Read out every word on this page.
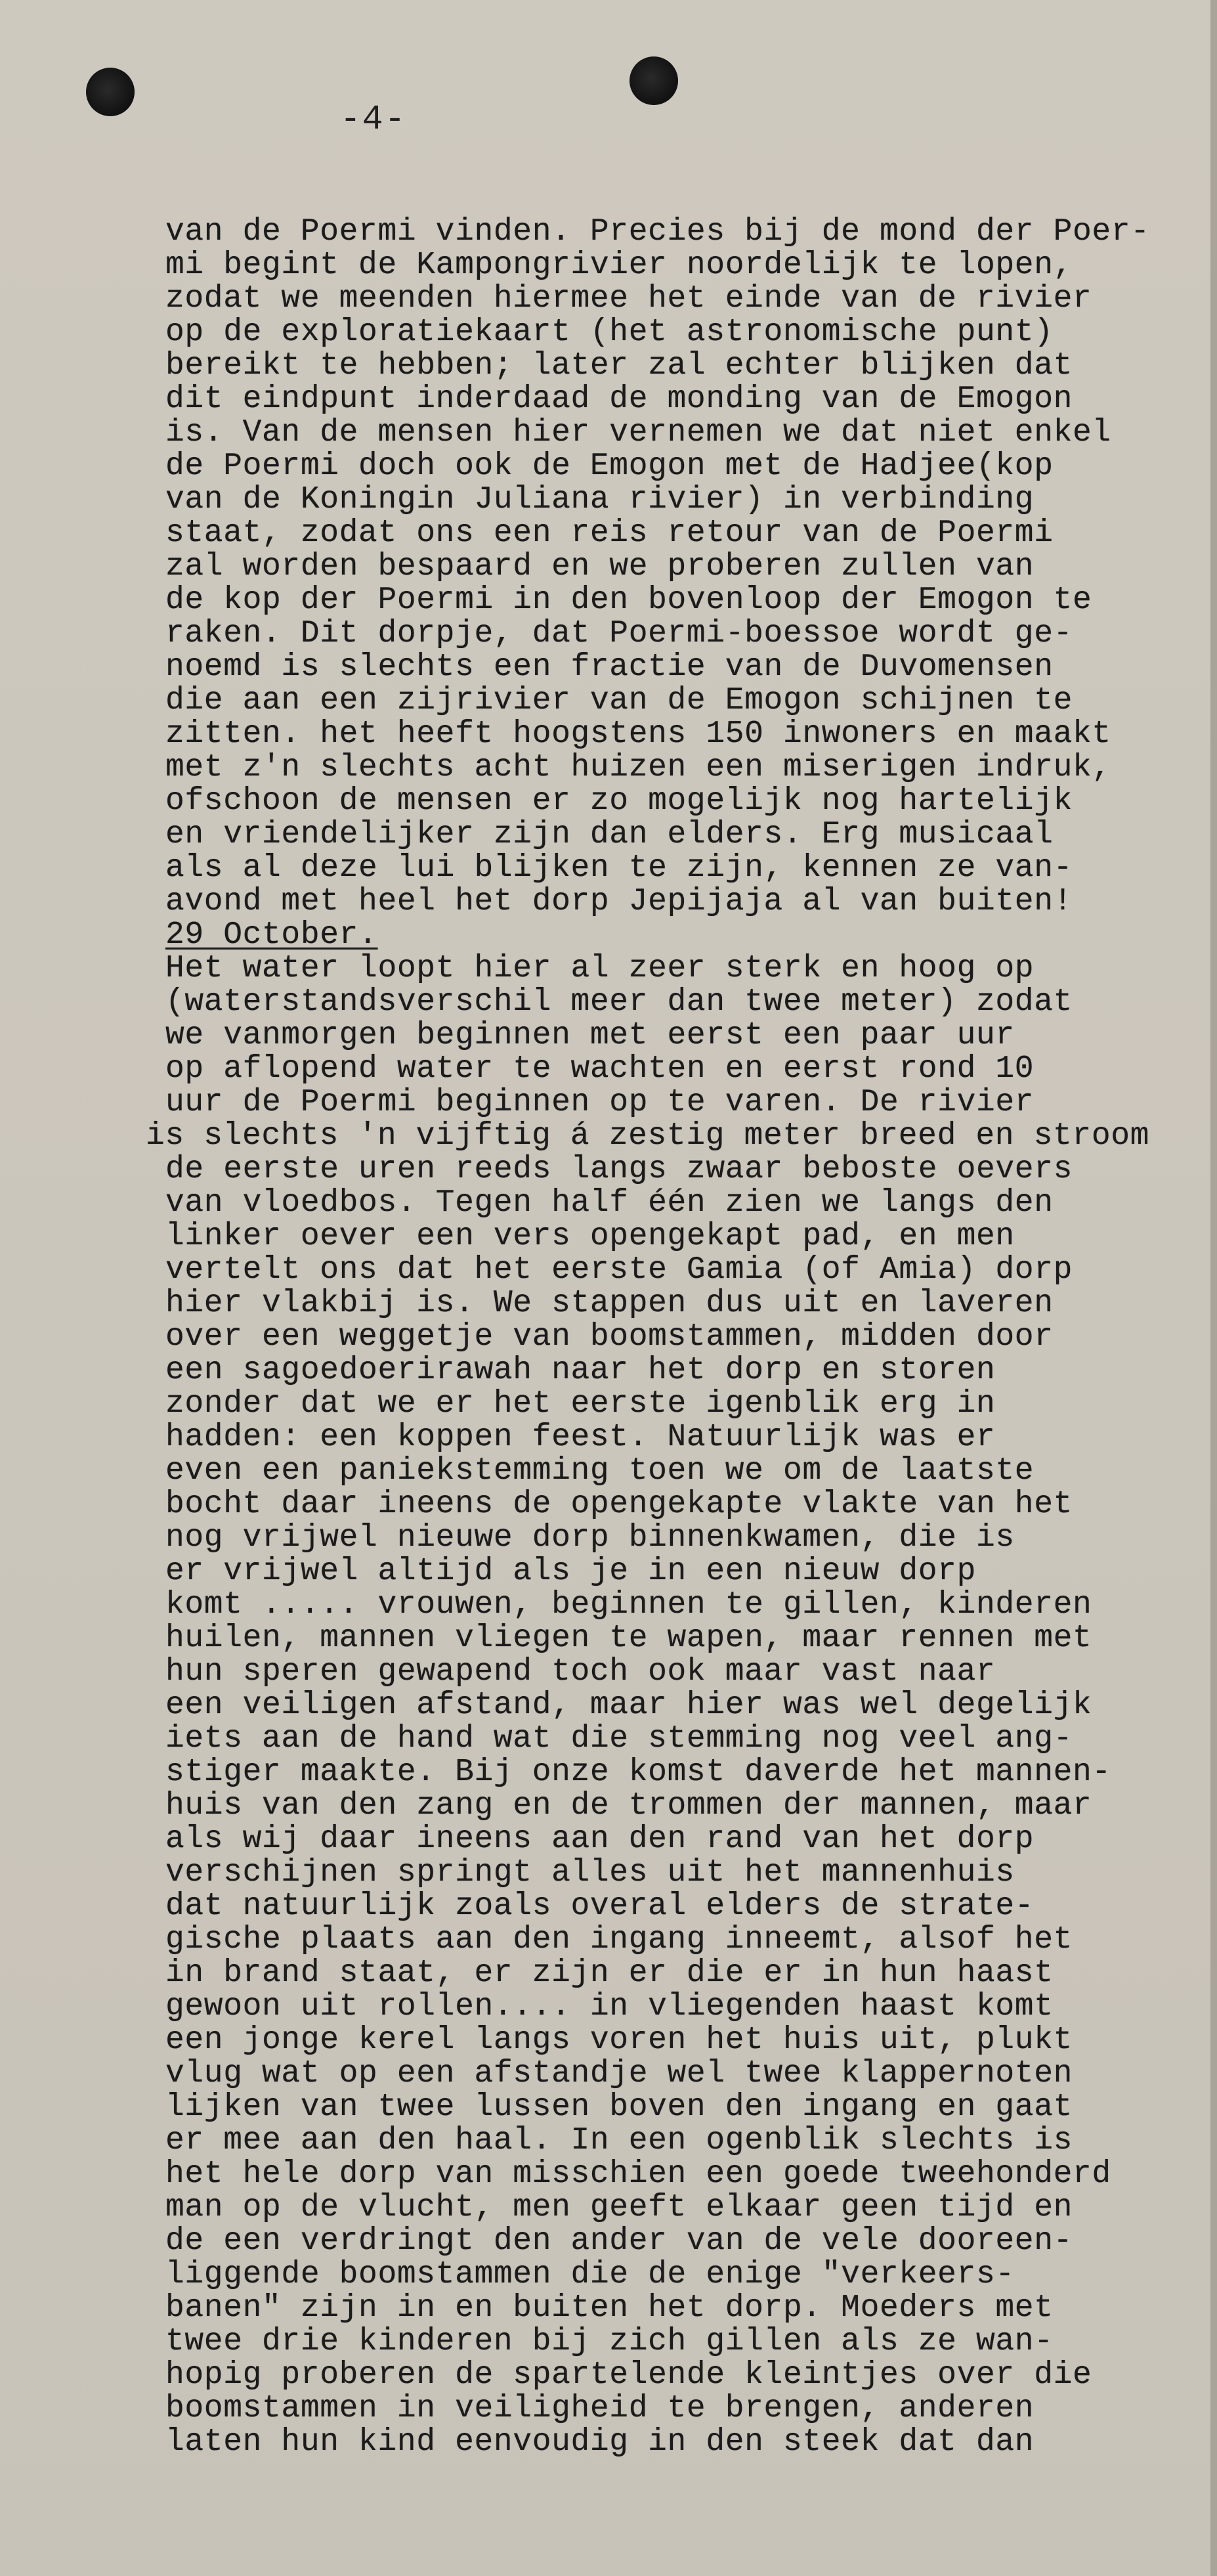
-4-
van de Poermi vinden. Precies bij de mond der Poer-
mi begint de Kampongrivier noordelijk te lopen,
zodat we meenden hiermee het einde van de rivier
op de exploratiekaart (het astronomische punt)
bereikt te hebben; later zal echter blijken dat
dit eindpunt inderdaad de monding van de Emogon
is. Van de mensen hier vernemen we dat niet enkel
de Poermi doch ook de Emogon met de Hadjee(kop
van de Koningin Juliana rivier) in verbinding
staat, zodat ons een reis retour van de Poermi
zal worden bespaard en we proberen zullen van
de kop der Poermi in den bovenloop der Emogon te
raken. Dit dorpje, dat Poermi-boessoe wordt ge-
noemd is slechts een fractie van de Duvomensen
die aan een zijrivier van de Emogon schijnen te
zitten. het heeft hoogstens 150 inwoners en maakt
met z'n slechts acht huizen een miserigen indruk,
ofschoon de mensen er zo mogelijk nog hartelijk
en vriendelijker zijn dan elders. Erg musicaal
als al deze lui blijken te zijn, kennen ze van-
avond met heel het dorp Jepijaja al van buiten!
29 October.
Het water loopt hier al zeer sterk en hoog op
(waterstandsverschil meer dan twee meter) zodat
we vanmorgen beginnen met eerst een paar uur
op aflopend water te wachten en eerst rond 10
uur de Poermi beginnen op te varen. De rivier
is slechts 'n vijftig á zestig meter breed en stroom
de eerste uren reeds langs zwaar beboste oevers
van vloedbos. Tegen half één zien we langs den
linker oever een vers opengekapt pad, en men
vertelt ons dat het eerste Gamia (of Amia) dorp
hier vlakbij is. We stappen dus uit en laveren
over een weggetje van boomstammen, midden door
een sagoedoerirawah naar het dorp en storen
zonder dat we er het eerste igenblik erg in
hadden: een koppen feest. Natuurlijk was er
even een paniekstemming toen we om de laatste
bocht daar ineens de opengekapte vlakte van het
nog vrijwel nieuwe dorp binnenkwamen, die is
er vrijwel altijd als je in een nieuw dorp
komt ..... vrouwen, beginnen te gillen, kinderen
huilen, mannen vliegen te wapen, maar rennen met
hun speren gewapend toch ook maar vast naar
een veiligen afstand, maar hier was wel degelijk
iets aan de hand wat die stemming nog veel ang-
stiger maakte. Bij onze komst daverde het mannen-
huis van den zang en de trommen der mannen, maar
als wij daar ineens aan den rand van het dorp
verschijnen springt alles uit het mannenhuis
dat natuurlijk zoals overal elders de strate-
gische plaats aan den ingang inneemt, alsof het
in brand staat, er zijn er die er in hun haast
gewoon uit rollen.... in vliegenden haast komt
een jonge kerel langs voren het huis uit, plukt
vlug wat op een afstandje wel twee klappernoten
lijken van twee lussen boven den ingang en gaat
er mee aan den haal. In een ogenblik slechts is
het hele dorp van misschien een goede tweehonderd
man op de vlucht, men geeft elkaar geen tijd en
de een verdringt den ander van de vele dooreen-
liggende boomstammen die de enige "verkeers-
banen" zijn in en buiten het dorp. Moeders met
twee drie kinderen bij zich gillen als ze wan-
hopig proberen de spartelende kleintjes over die
boomstammen in veiligheid te brengen, anderen
laten hun kind eenvoudig in den steek dat dan
